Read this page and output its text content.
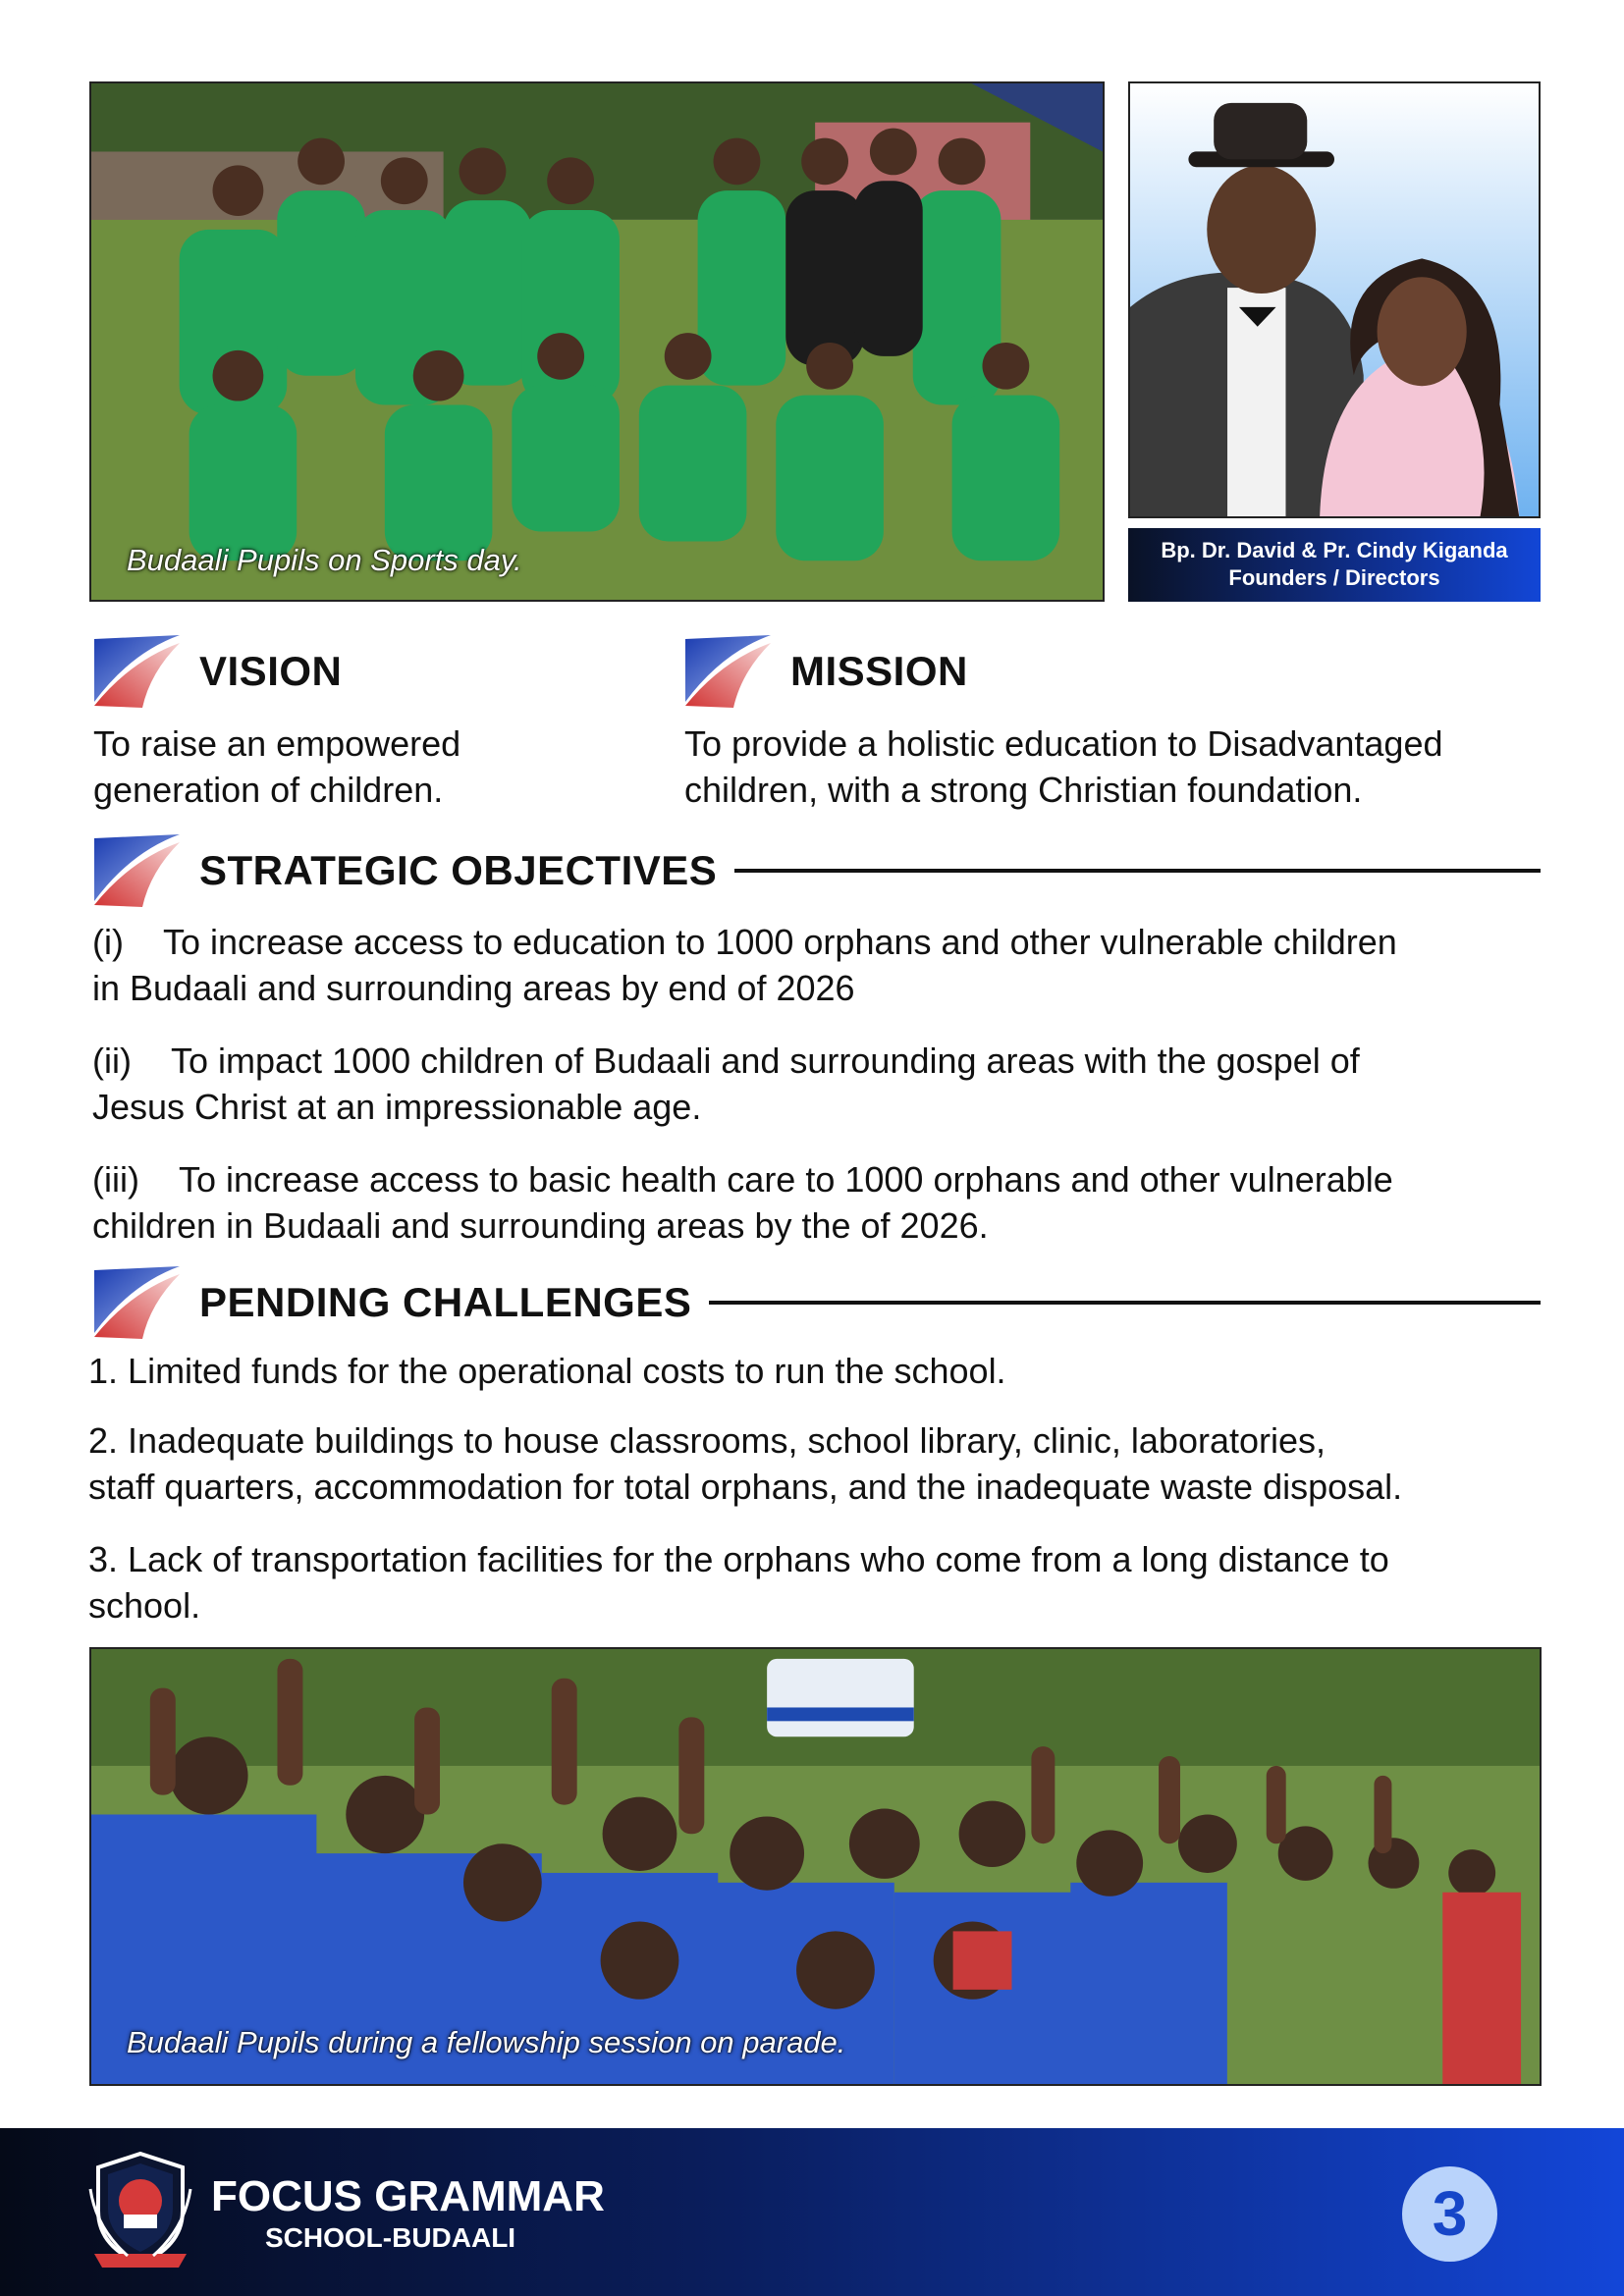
Budaali Pupils on Sports day.	Bp. Dr. David & Pr. Cindy Kiganda
Founders / Directors
VISION
To raise an empowered
generation of children.
MISSION
To provide a holistic education to Disadvantaged
children, with a strong Christian foundation.
STRATEGIC OBJECTIVES
(i) To increase access to education to 1000 orphans and other vulnerable children
in Budaali and surrounding areas by end of 2026
(ii) To impact 1000 children of Budaali and surrounding areas with the gospel of
Jesus Christ at an impressionable age.
(iii) To increase access to basic health care to 1000 orphans and other vulnerable
children in Budaali and surrounding areas by the of 2026.
PENDING CHALLENGES
1. Limited funds for the operational costs to run the school.
2. Inadequate buildings to house classrooms, school library, clinic, laboratories,
staff quarters, accommodation for total orphans, and the inadequate waste disposal.
3. Lack of transportation facilities for the orphans who come from a long distance to
school.
Budaali Pupils during a fellowship session on parade.
FOCUS GRAMMAR
SCHOOL-BUDAALI	3
